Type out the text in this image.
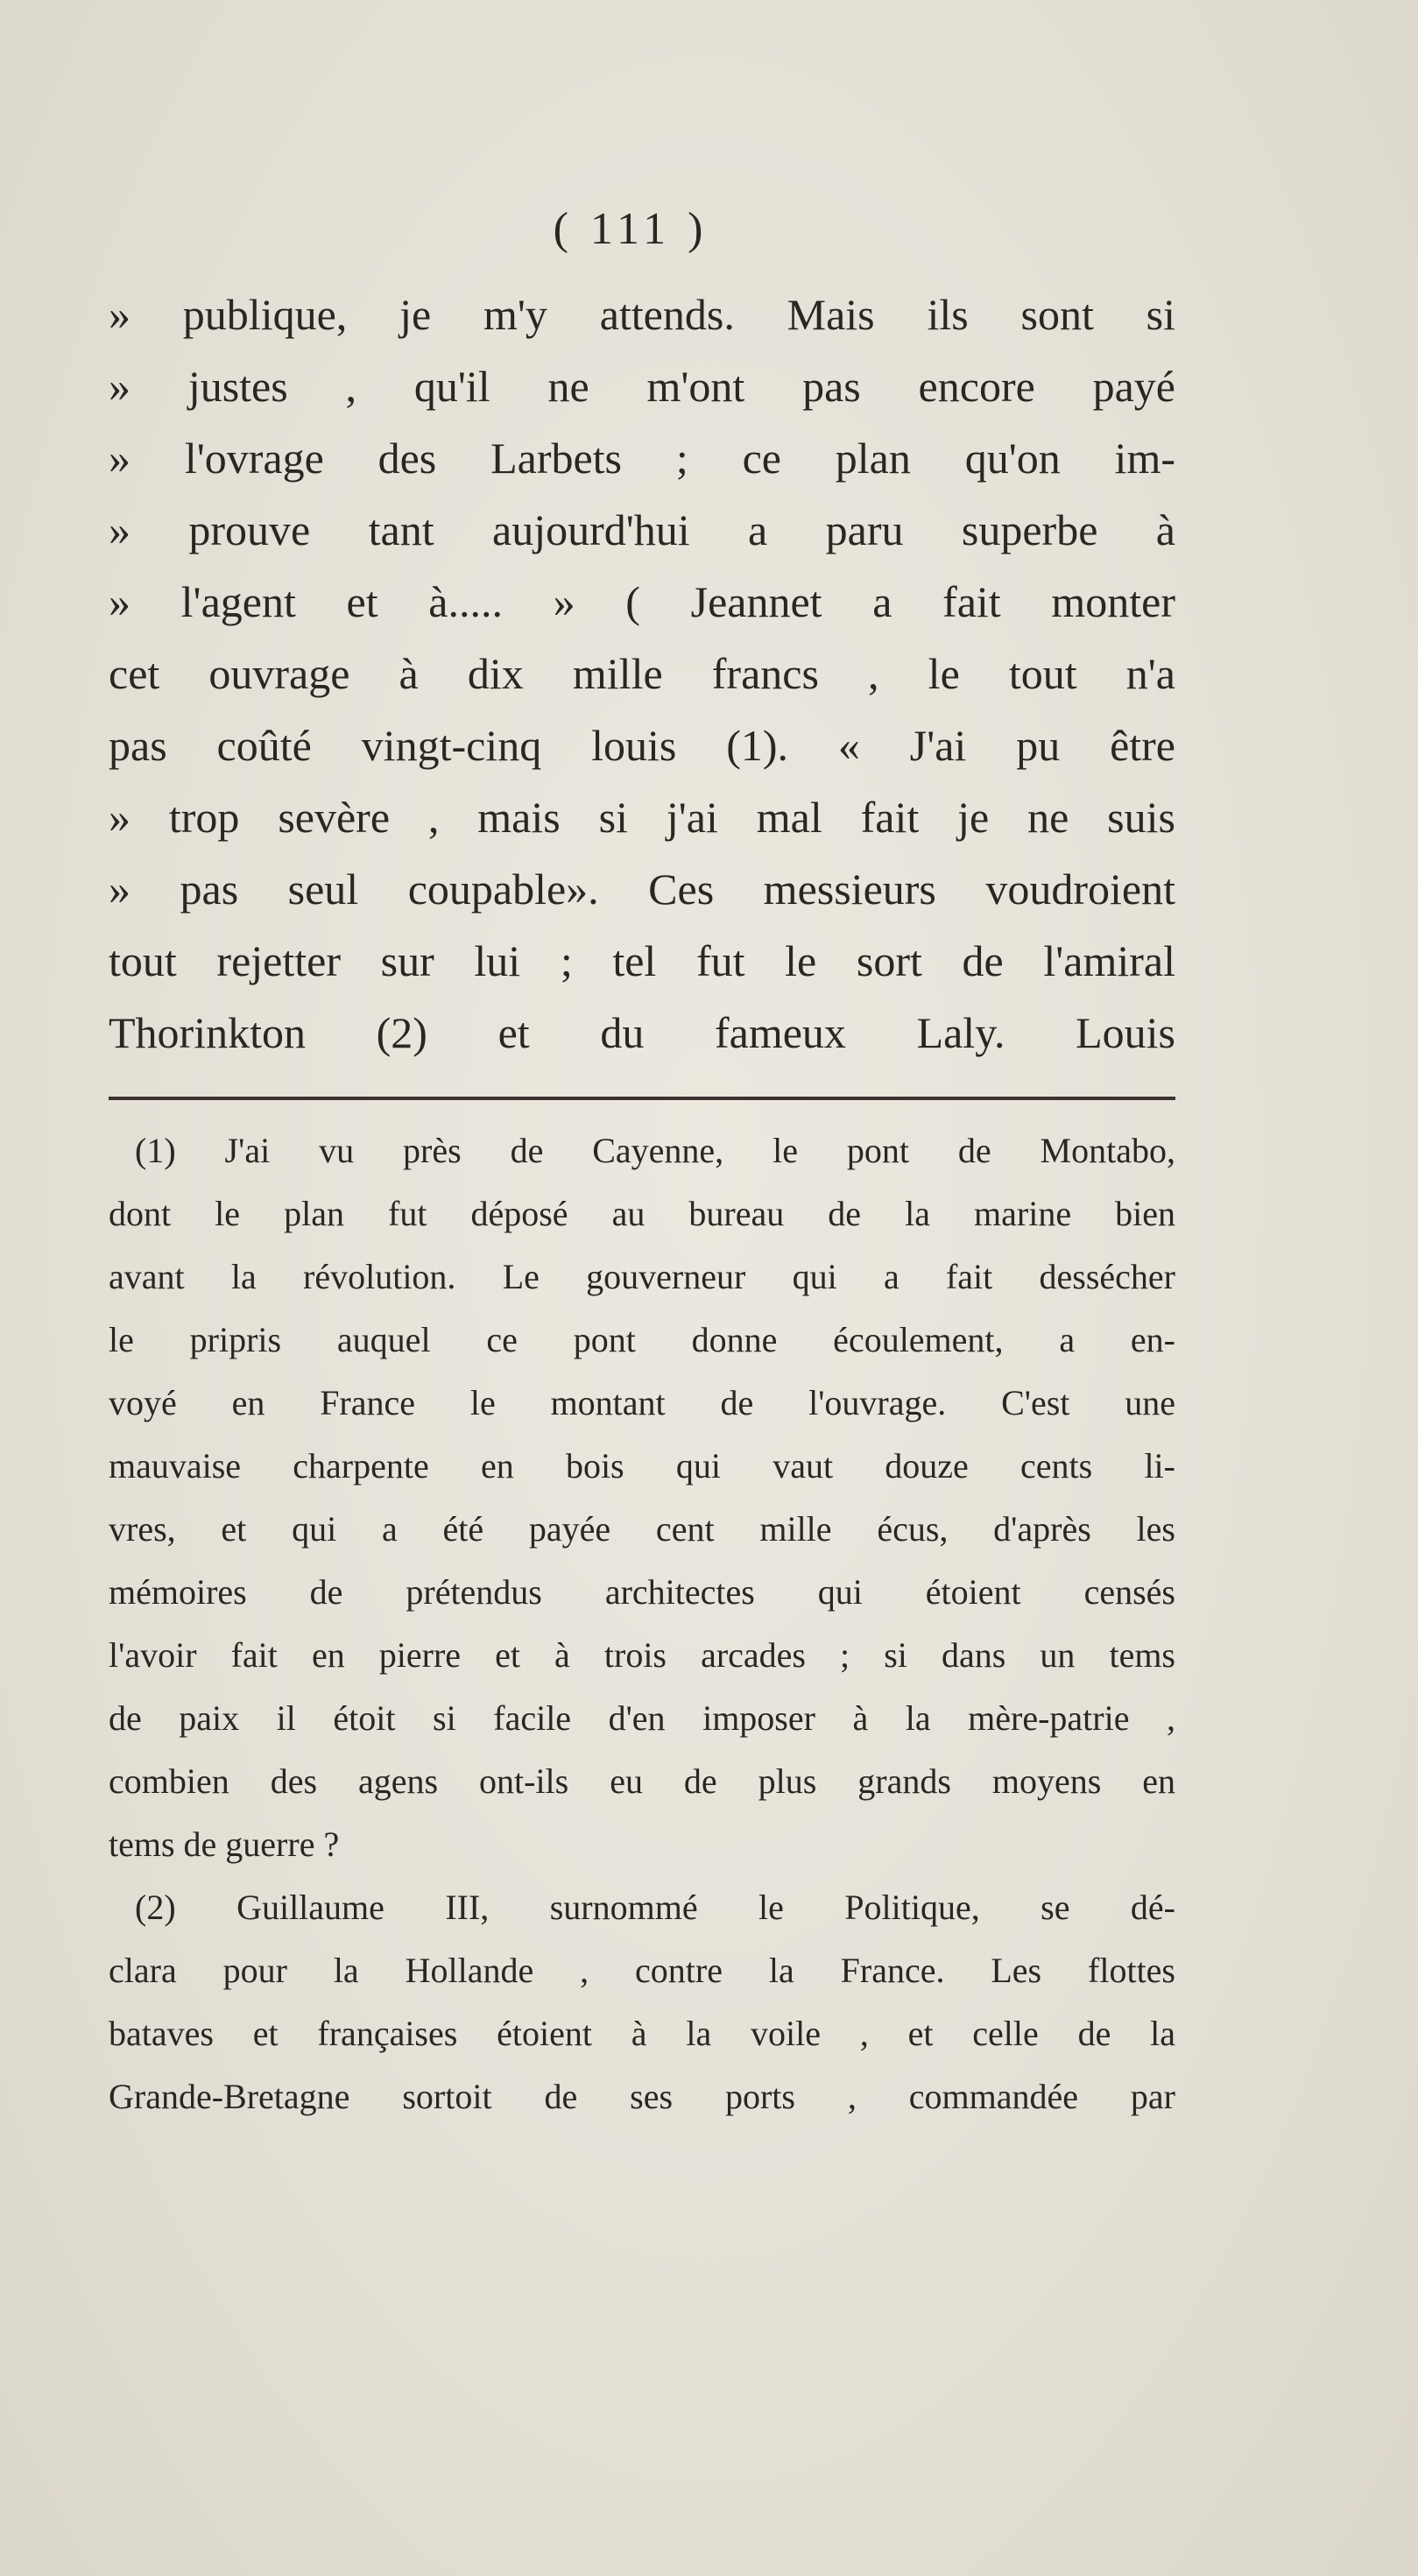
( 111 )
» publique, je m'y attends. Mais ils sont si
» justes , qu'il ne m'ont pas encore payé
» l'ovrage des Larbets ; ce plan qu'on im-
» prouve tant aujourd'hui a paru superbe à
» l'agent et à..... » ( Jeannet a fait monter
cet ouvrage à dix mille francs , le tout n'a
pas coûté vingt-cinq louis (1). « J'ai pu être
» trop sevère , mais si j'ai mal fait je ne suis
» pas seul coupable». Ces messieurs voudroient
tout rejetter sur lui ; tel fut le sort de l'amiral
Thorinkton (2) et du fameux Laly. Louis
(1) J'ai vu près de Cayenne, le pont de Montabo,
dont le plan fut déposé au bureau de la marine bien
avant la révolution. Le gouverneur qui a fait dessécher
le pripris auquel ce pont donne écoulement, a en-
voyé en France le montant de l'ouvrage. C'est une
mauvaise charpente en bois qui vaut douze cents li-
vres, et qui a été payée cent mille écus, d'après les
mémoires de prétendus architectes qui étoient censés
l'avoir fait en pierre et à trois arcades ; si dans un tems
de paix il étoit si facile d'en imposer à la mère-patrie ,
combien des agens ont-ils eu de plus grands moyens en
tems de guerre ?
(2) Guillaume III, surnommé le Politique, se dé-
clara pour la Hollande , contre la France. Les flottes
bataves et françaises étoient à la voile , et celle de la
Grande-Bretagne sortoit de ses ports , commandée par
